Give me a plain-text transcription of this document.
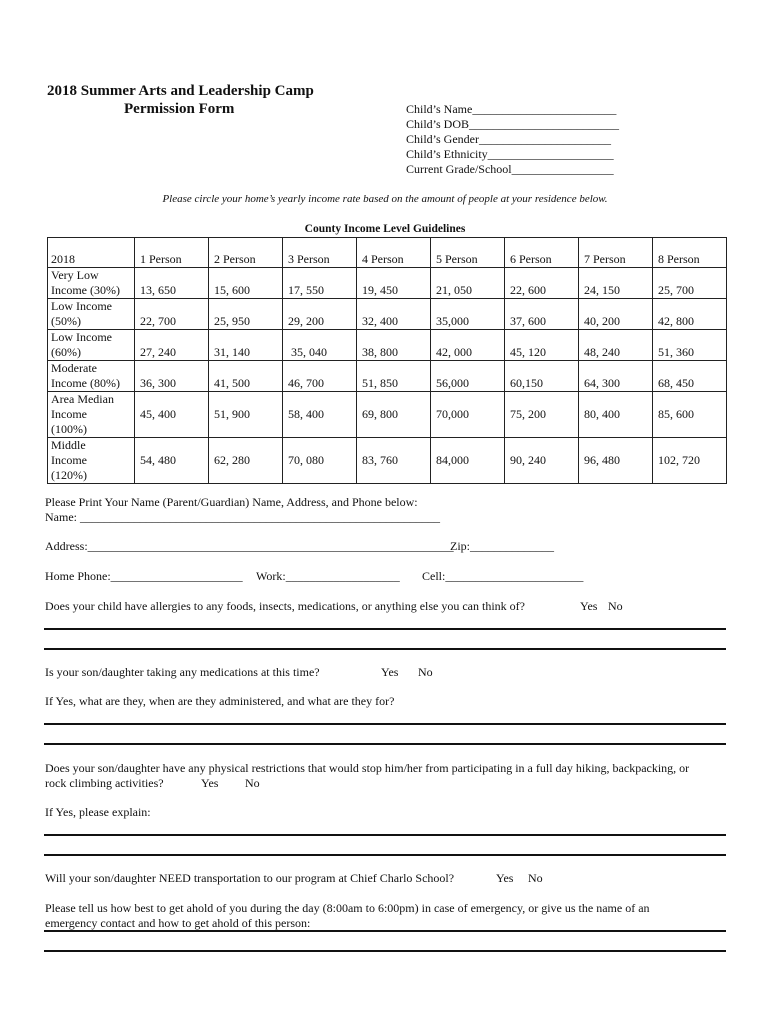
2018 Summer Arts and Leadership Camp
Permission Form	Child’s Name________________________
Child’s DOB_________________________
Child’s Gender______________________
Child’s Ethnicity_____________________
Current Grade/School_________________
Please circle your home’s yearly income rate based on the amount of people at your residence below.
County Income Level Guidelines
2018	1 Person	2 Person	3 Person	4 Person	5 Person	6 Person	7 Person	8 Person

Very Low
Income (30%)	13, 650	15, 600	17, 550	19, 450	21, 050	22, 600	24, 150	25, 700

Low Income
(50%)	22, 700	25, 950	29, 200	32, 400	35,000	37, 600	40, 200	42, 800

Low Income
(60%)	27, 240	31, 140	35, 040	38, 800	42, 000	45, 120	48, 240	51, 360

Moderate
Income (80%)	36, 300	41, 500	46, 700	51, 850	56,000	60,150	64, 300	68, 450

Area Median
Income
(100%)	45, 400	51, 900	58, 400	69, 800	70,000	75, 200	80, 400	85, 600

Middle
Income
(120%)	54, 480	62, 280	70, 080	83, 760	84,000	90, 240	96, 480	102, 720
Please Print Your Name (Parent/Guardian) Name, Address, and Phone below:
Name: ____________________________________________________________
Address:_____________________________________________________________
Zip:______________
Home Phone:______________________ Work:___________________ Cell:_______________________
Does your child have allergies to any foods, insects, medications, or anything else you can think of?	Yes No
Is your son/daughter taking any medications at this time?	Yes No
If Yes, what are they, when are they administered, and what are they for?
Does your son/daughter have any physical restrictions that would stop him/her from participating in a full day hiking, backpacking, or
rock climbing activities?	Yes No
If Yes, please explain:
Will your son/daughter NEED transportation to our program at Chief Charlo School?	Yes No
Please tell us how best to get ahold of you during the day (8:00am to 6:00pm) in case of emergency, or give us the name of an
emergency contact and how to get ahold of this person:
